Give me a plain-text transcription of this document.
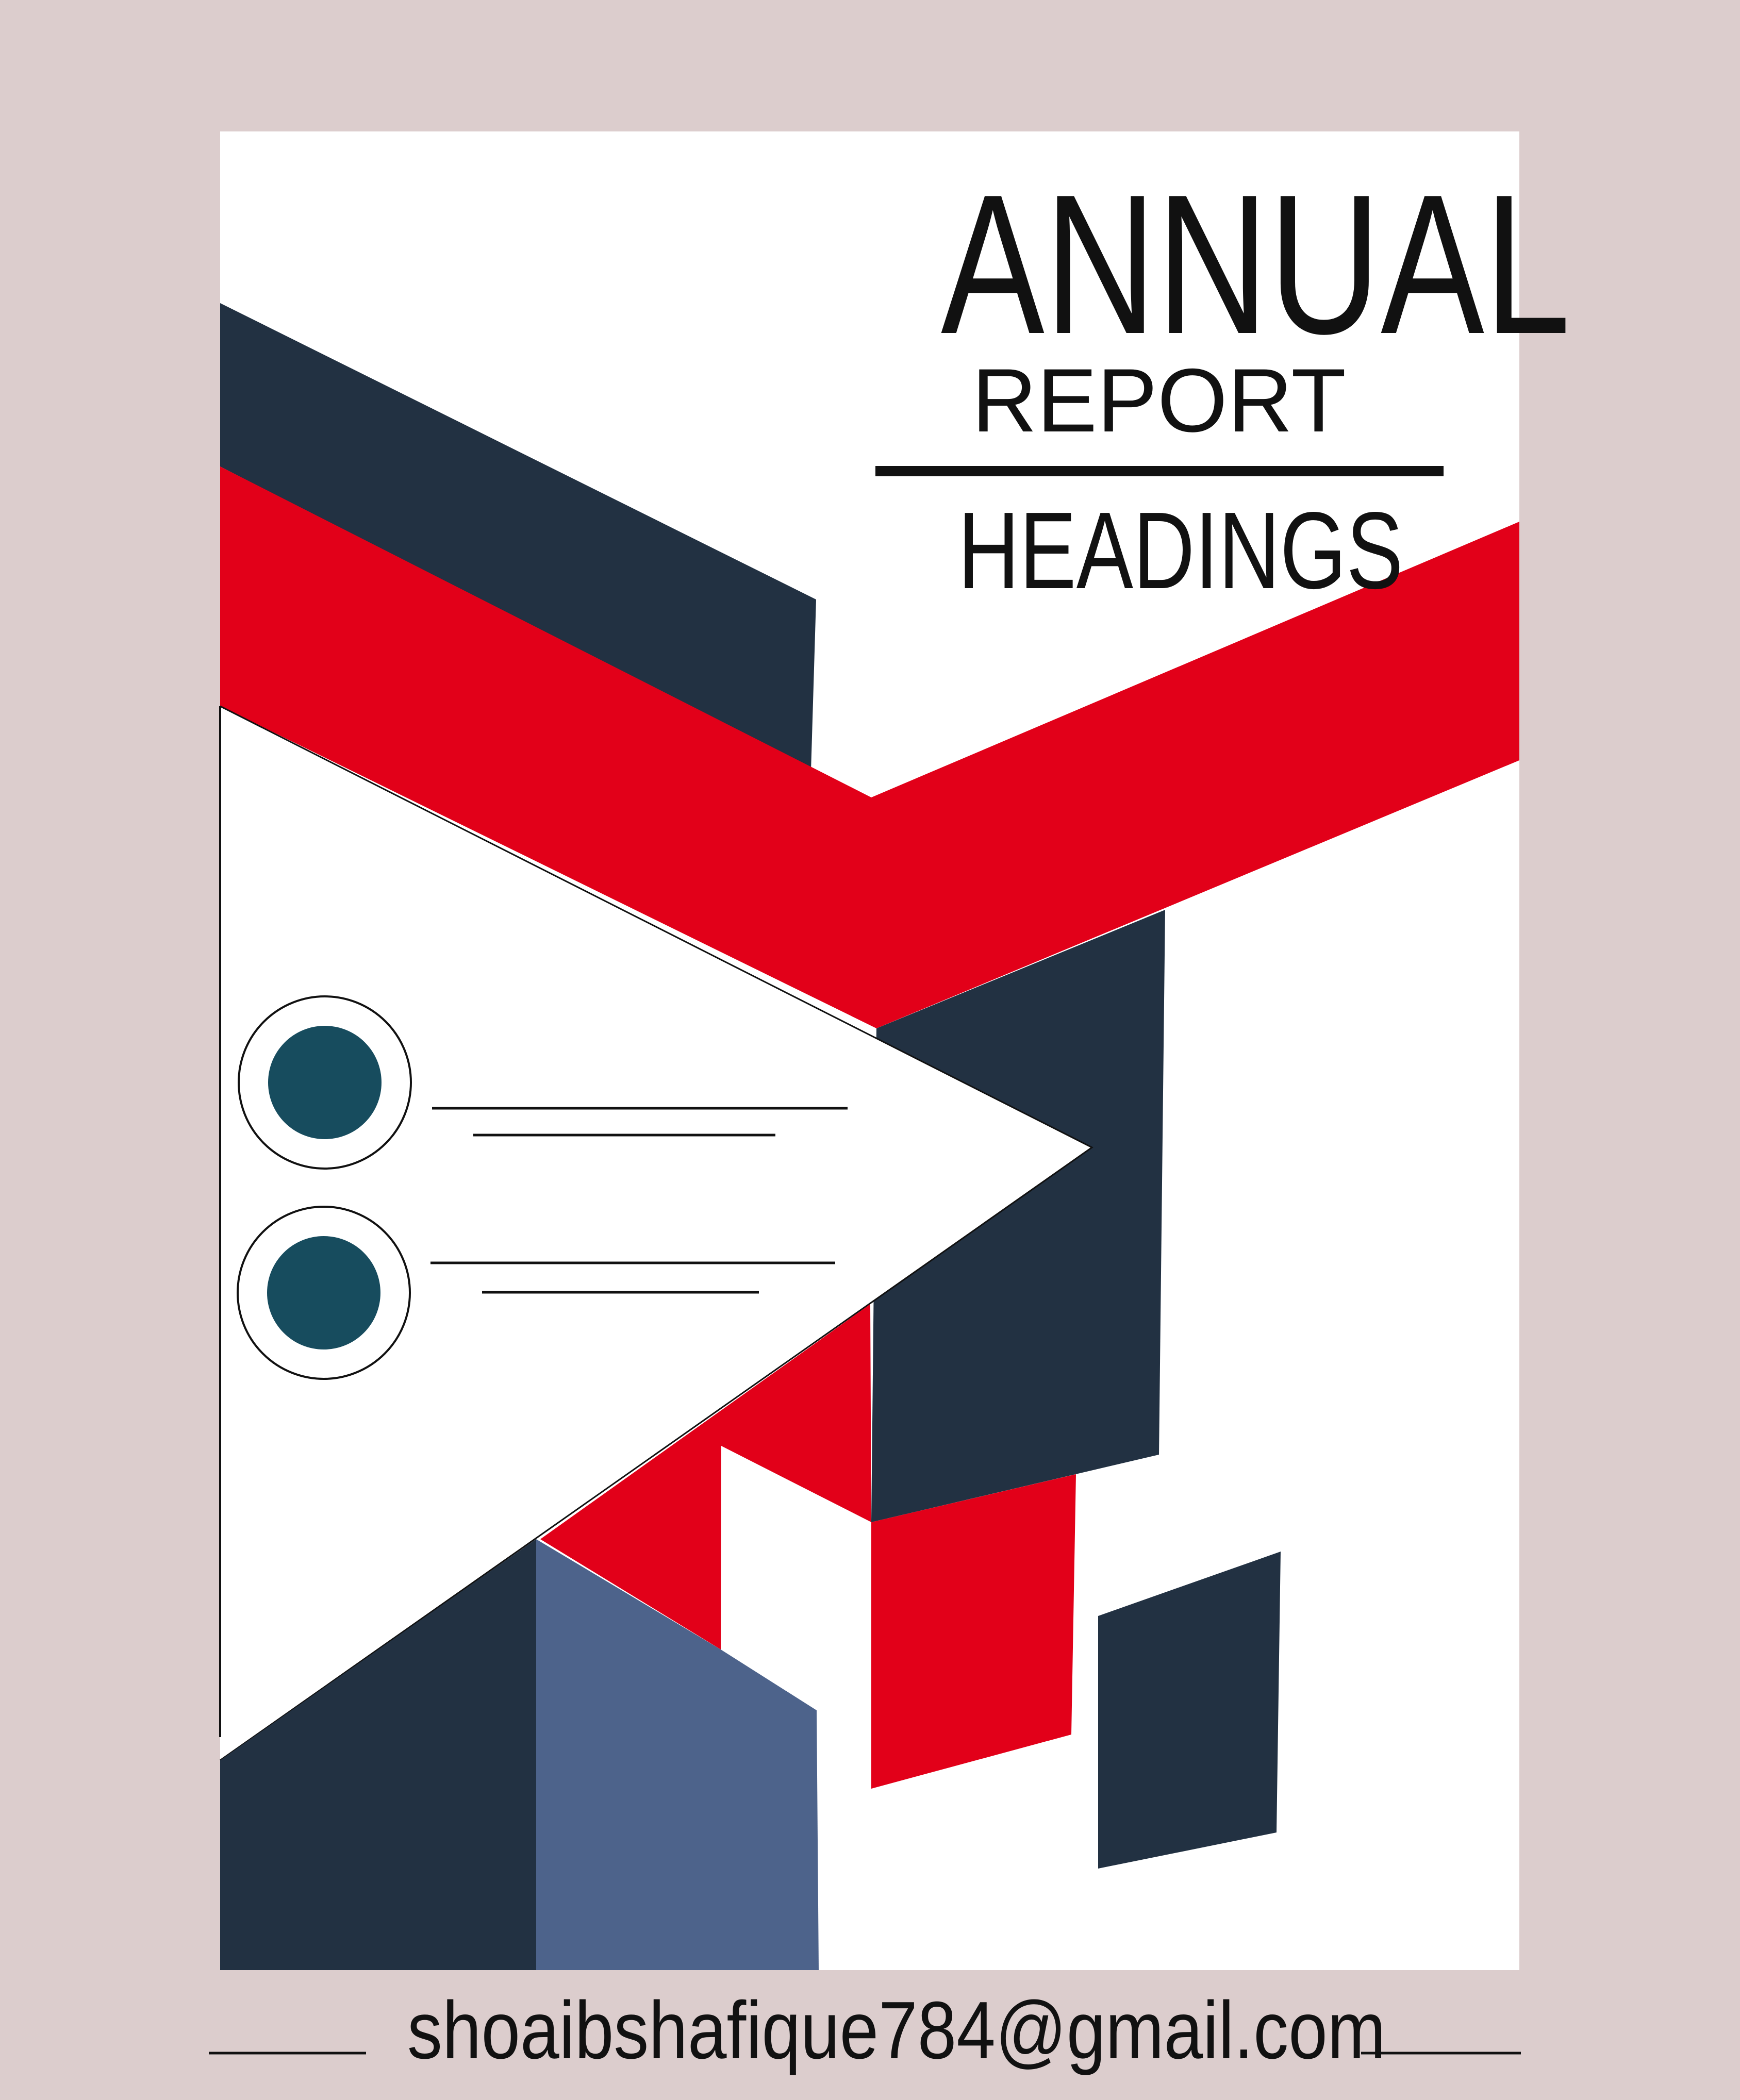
ANNUAL
REPORT
HEADINGS
shoaibshafique784@gmail.com
